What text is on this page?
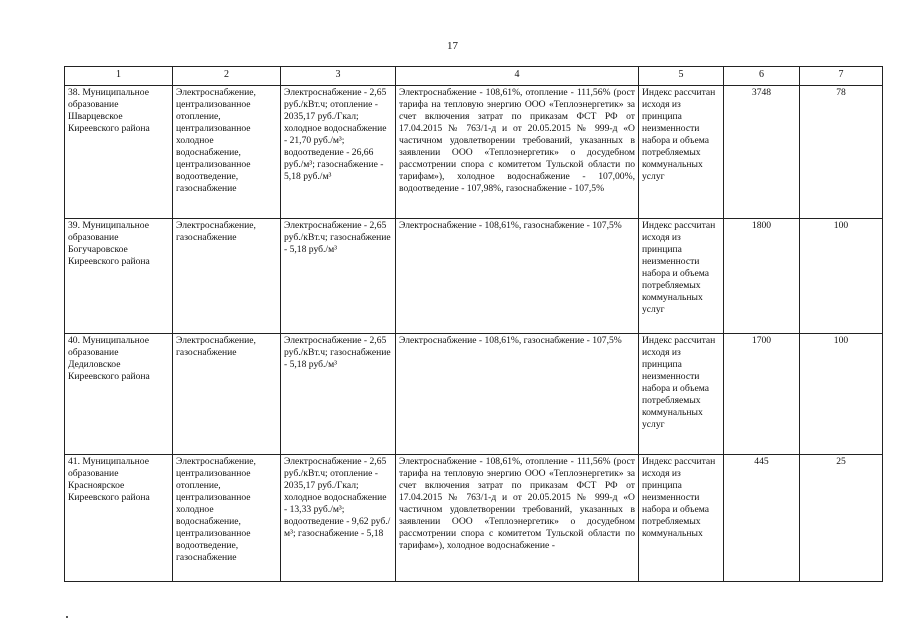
17
1	2	3	4	5	6	7
38. Муниципальное образование Шварцевское Киреевского района	Электроснабжение, централизованное отопление, централизованное холодное водоснабжение, централизованное водоотведение, газоснабжение	Электроснабжение - 2,65 руб./кВт.ч; отопление - 2035,17 руб./Гкал; холодное водоснабжение - 21,70 руб./м³; водоотведение - 26,66 руб./м³; газоснабжение - 5,18 руб./м³	Электроснабжение - 108,61%, отопление - 111,56% (рост тарифа на тепловую энергию ООО «Теплоэнергетик» за счет включения затрат по приказам ФСТ РФ от 17.04.2015 № 763/1-д и от 20.05.2015 № 999-д «О частичном удовлетворении требований, указанных в заявлении ООО «Теплоэнергетик» о досудебном рассмотрении спора с комитетом Тульской области по тарифам»), холодное водоснабжение - 107,00%, водоотведение - 107,98%, газоснабжение - 107,5%	Индекс рассчитан исходя из принципа неизменности набора и объема потребляемых коммунальных услуг	3748	78
39. Муниципальное образование Богучаровское Киреевского района	Электроснабжение, газоснабжение	Электроснабжение - 2,65 руб./кВт.ч; газоснабжение - 5,18 руб./м³	Электроснабжение - 108,61%, газоснабжение - 107,5%	Индекс рассчитан исходя из принципа неизменности набора и объема потребляемых коммунальных услуг	1800	100
40. Муниципальное образование Дедиловское Киреевского района	Электроснабжение, газоснабжение	Электроснабжение - 2,65 руб./кВт.ч; газоснабжение - 5,18 руб./м³	Электроснабжение - 108,61%, газоснабжение - 107,5%	Индекс рассчитан исходя из принципа неизменности набора и объема потребляемых коммунальных услуг	1700	100
41. Муниципальное образование Красноярское Киреевского района	Электроснабжение, централизованное отопление, централизованное холодное водоснабжение, централизованное водоотведение, газоснабжение	Электроснабжение - 2,65 руб./кВт.ч; отопление - 2035,17 руб./Гкал; холодное водоснабжение - 13,33 руб./м³; водоотведение - 9,62 руб./м³; газоснабжение - 5,18	Электроснабжение - 108,61%, отопление - 111,56% (рост тарифа на тепловую энергию ООО «Теплоэнергетик» за счет включения затрат по приказам ФСТ РФ от 17.04.2015 № 763/1-д и от 20.05.2015 № 999-д «О частичном удовлетворении требований, указанных в заявлении ООО «Теплоэнергетик» о досудебном рассмотрении спора с комитетом Тульской области по тарифам»), холодное водоснабжение -	Индекс рассчитан исходя из принципа неизменности набора и объема потребляемых коммунальных	445	25
